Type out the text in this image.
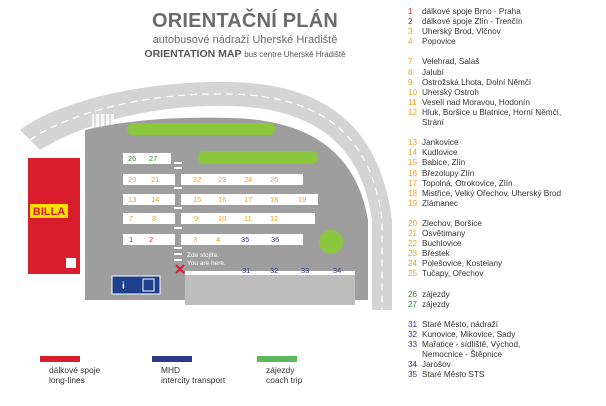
ORIENTAČNÍ PLÁN
autobusové nádraží Uherské Hradiště
ORIENTATION MAP bus centre Uherské Hradiště
BILLA
i
Zde stojíte.
You are here.
26 27
20 21	22 23 24 25
13 14	15 16 17 18	19
7	8	9	10 11 12
1 2	3	4	35	36
31	32	33	34
1	dálkové spoje Brno - Praha
2	dálkové spoje Zlín - Trenčín
3	Uherský Brod, Vlčnov
4	Popovice

7	Velehrad, Salaš
8	Jalubí
9	Ostrožská Lhota, Dolní Němčí
10 Uherský Ostroh
11 Veselí nad Moravou, Hodonín
12 Hluk, Boršice u Blatnice, Horní Němčí,
Strání

13 Jankovice
14 Kudlovice
15 Babice, Zlín
16 Březolupy Zlín
17 Topolná, Otrokovice, Zlín
18 Mistřice, Velký Ořechov, Uherský Brod
19 Zlámanec

20 Zlechov, Boršice
21 Osvětimany
22 Buchlovice
23 Břestek
24 Polešovice, Kostelany
25 Tučapy, Ořechov

26 zájezdy
27 zájezdy

31 Staré Město, nádraží
32 Kunovice, Mikovice, Sady
33 Mařatice - sídliště, Východ,
Nemocnice - Štěpnice
34 Jarošov
35 Staré Město STS
dálkové spoje
long-lines
MHD
intercity transport
zájezdy
coach trip
